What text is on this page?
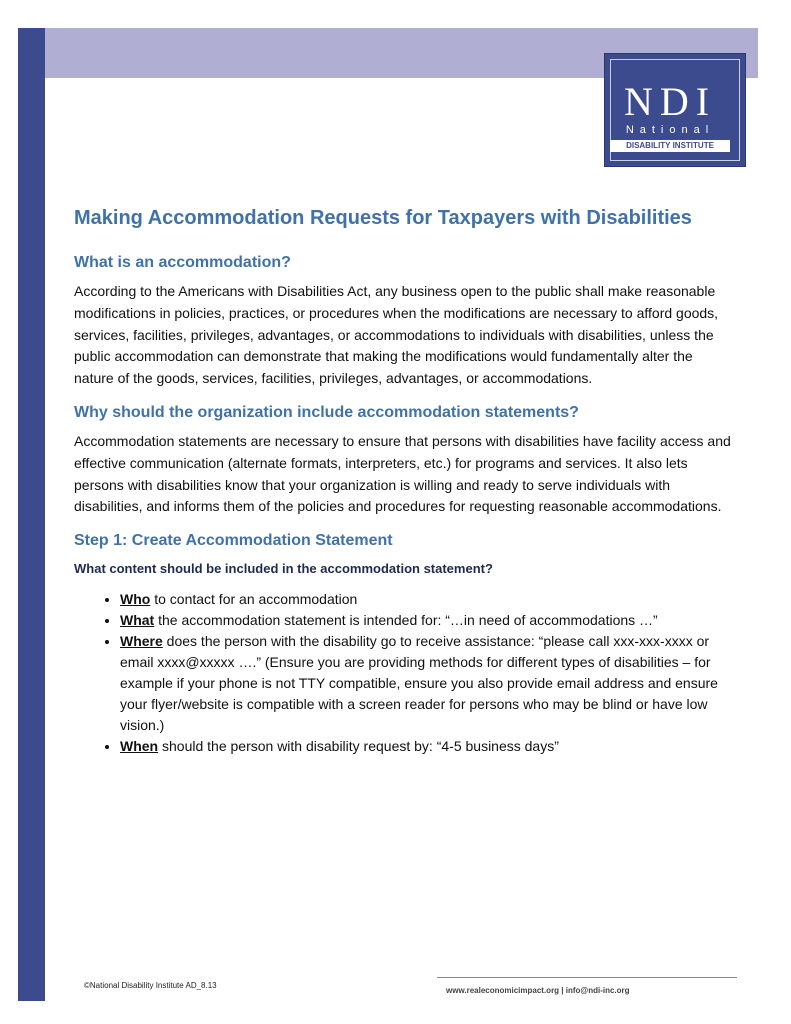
NDI
National
DISABILITY INSTITUTE
Making Accommodation Requests for Taxpayers with Disabilities
What is an accommodation?

According to the Americans with Disabilities Act, any business open to the public shall make reasonable modifications in policies, practices, or procedures when the modifications are necessary to afford goods, services, facilities, privileges, advantages, or accommodations to individuals with disabilities, unless the public accommodation can demonstrate that making the modifications would fundamentally alter the nature of the goods, services, facilities, privileges, advantages, or accommodations.

Why should the organization include accommodation statements?

Accommodation statements are necessary to ensure that persons with disabilities have facility access and effective communication (alternate formats, interpreters, etc.) for programs and services. It also lets persons with disabilities know that your organization is willing and ready to serve individuals with disabilities, and informs them of the policies and procedures for requesting reasonable accommodations.

Step 1: Create Accommodation Statement
What content should be included in the accommodation statement?
• Who to contact for an accommodation
• What the accommodation statement is intended for: “…in need of accommodations …”
• Where does the person with the disability go to receive assistance: “please call xxx-xxx-xxxx or email xxxx@xxxxx ….” (Ensure you are providing methods for different types of disabilities – for example if your phone is not TTY compatible, ensure you also provide email address and ensure your flyer/website is compatible with a screen reader for persons who may be blind or have low vision.)
• When should the person with disability request by: “4-5 business days”
©National Disability Institute AD_8.13
www.realeconomicimpact.org | info@ndi-inc.org
